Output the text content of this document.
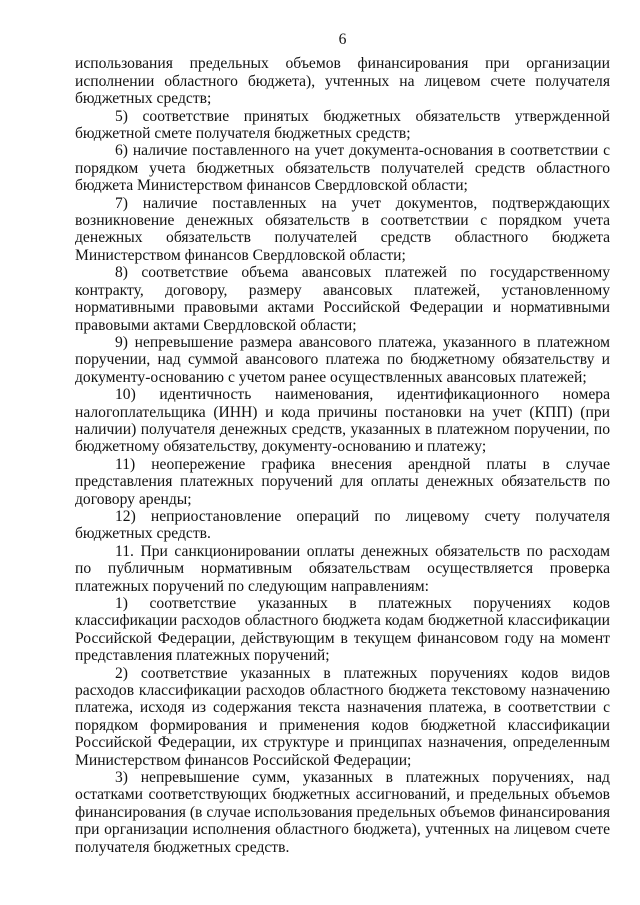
6

использования предельных объемов финансирования при организации исполнении областного бюджета), учтенных на лицевом счете получателя бюджетных средств;

5) соответствие принятых бюджетных обязательств утвержденной бюджетной смете получателя бюджетных средств;

6) наличие поставленного на учет документа-основания в соответствии с порядком учета бюджетных обязательств получателей средств областного бюджета Министерством финансов Свердловской области;

7) наличие поставленных на учет документов, подтверждающих возникновение денежных обязательств в соответствии с порядком учета денежных обязательств получателей средств областного бюджета Министерством финансов Свердловской области;

8) соответствие объема авансовых платежей по государственному контракту, договору, размеру авансовых платежей, установленному нормативными правовыми актами Российской Федерации и нормативными правовыми актами Свердловской области;

9) непревышение размера авансового платежа, указанного в платежном поручении, над суммой авансового платежа по бюджетному обязательству и документу-основанию с учетом ранее осуществленных авансовых платежей;

10) идентичность наименования, идентификационного номера налогоплательщика (ИНН) и кода причины постановки на учет (КПП) (при наличии) получателя денежных средств, указанных в платежном поручении, по бюджетному обязательству, документу-основанию и платежу;

11) неопережение графика внесения арендной платы в случае представления платежных поручений для оплаты денежных обязательств по договору аренды;

12) неприостановление операций по лицевому счету получателя бюджетных средств.

11. При санкционировании оплаты денежных обязательств по расходам по публичным нормативным обязательствам осуществляется проверка платежных поручений по следующим направлениям:

1) соответствие указанных в платежных поручениях кодов классификации расходов областного бюджета кодам бюджетной классификации Российской Федерации, действующим в текущем финансовом году на момент представления платежных поручений;

2) соответствие указанных в платежных поручениях кодов видов расходов классификации расходов областного бюджета текстовому назначению платежа, исходя из содержания текста назначения платежа, в соответствии с порядком формирования и применения кодов бюджетной классификации Российской Федерации, их структуре и принципах назначения, определенным Министерством финансов Российской Федерации;

3) непревышение сумм, указанных в платежных поручениях, над остатками соответствующих бюджетных ассигнований, и предельных объемов финансирования (в случае использования предельных объемов финансирования при организации исполнения областного бюджета), учтенных на лицевом счете получателя бюджетных средств.
